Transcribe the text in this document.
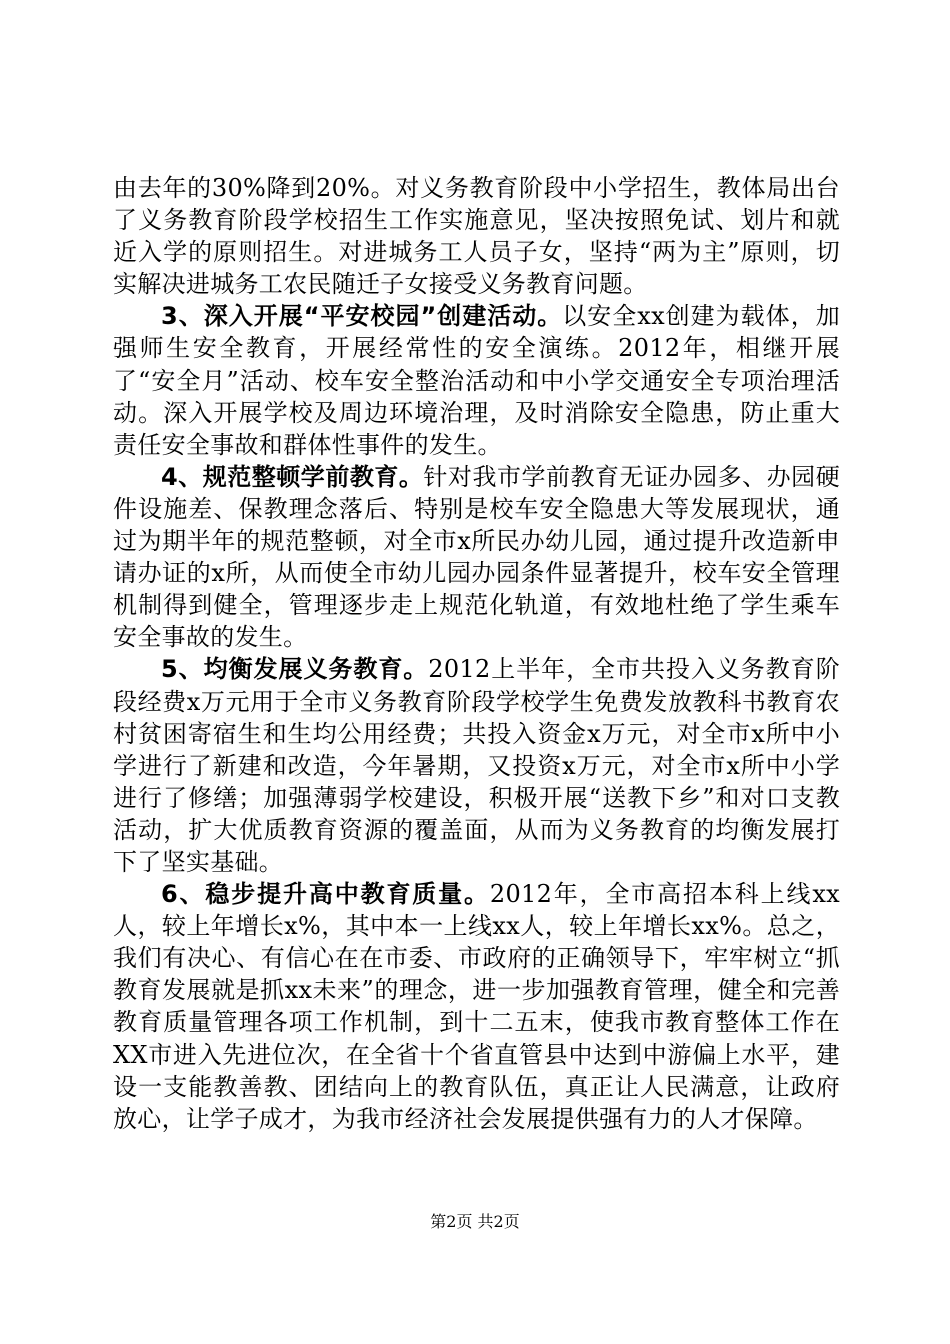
由去年的30%降到20%。对义务教育阶段中小学招生，教体局出台了义务教育阶段学校招生工作实施意见，坚决按照免试、划片和就近入学的原则招生。对进城务工人员子女，坚持“两为主”原则，切实解决进城务工农民随迁子女接受义务教育问题。

3、深入开展“平安校园”创建活动。以安全xx创建为载体，加强师生安全教育，开展经常性的安全演练。2012年，相继开展了“安全月”活动、校车安全整治活动和中小学交通安全专项治理活动。深入开展学校及周边环境治理，及时消除安全隐患，防止重大责任安全事故和群体性事件的发生。

4、规范整顿学前教育。针对我市学前教育无证办园多、办园硬件设施差、保教理念落后、特别是校车安全隐患大等发展现状，通过为期半年的规范整顿，对全市x所民办幼儿园，通过提升改造新申请办证的x所，从而使全市幼儿园办园条件显著提升，校车安全管理机制得到健全，管理逐步走上规范化轨道，有效地杜绝了学生乘车安全事故的发生。

5、均衡发展义务教育。2012上半年，全市共投入义务教育阶段经费x万元用于全市义务教育阶段学校学生免费发放教科书教育农村贫困寄宿生和生均公用经费；共投入资金x万元，对全市x所中小学进行了新建和改造，今年暑期，又投资x万元，对全市x所中小学进行了修缮；加强薄弱学校建设，积极开展“送教下乡”和对口支教活动，扩大优质教育资源的覆盖面，从而为义务教育的均衡发展打下了坚实基础。

6、稳步提升高中教育质量。2012年，全市高招本科上线xx人，较上年增长x%，其中本一上线xx人，较上年增长xx%。总之，我们有决心、有信心在在市委、市政府的正确领导下，牢牢树立“抓教育发展就是抓xx未来”的理念，进一步加强教育管理，健全和完善教育质量管理各项工作机制，到十二五末，使我市教育整体工作在XX市进入先进位次，在全省十个省直管县中达到中游偏上水平，建设一支能教善教、团结向上的教育队伍，真正让人民满意，让政府放心，让学子成才，为我市经济社会发展提供强有力的人才保障。

第2页 共2页
